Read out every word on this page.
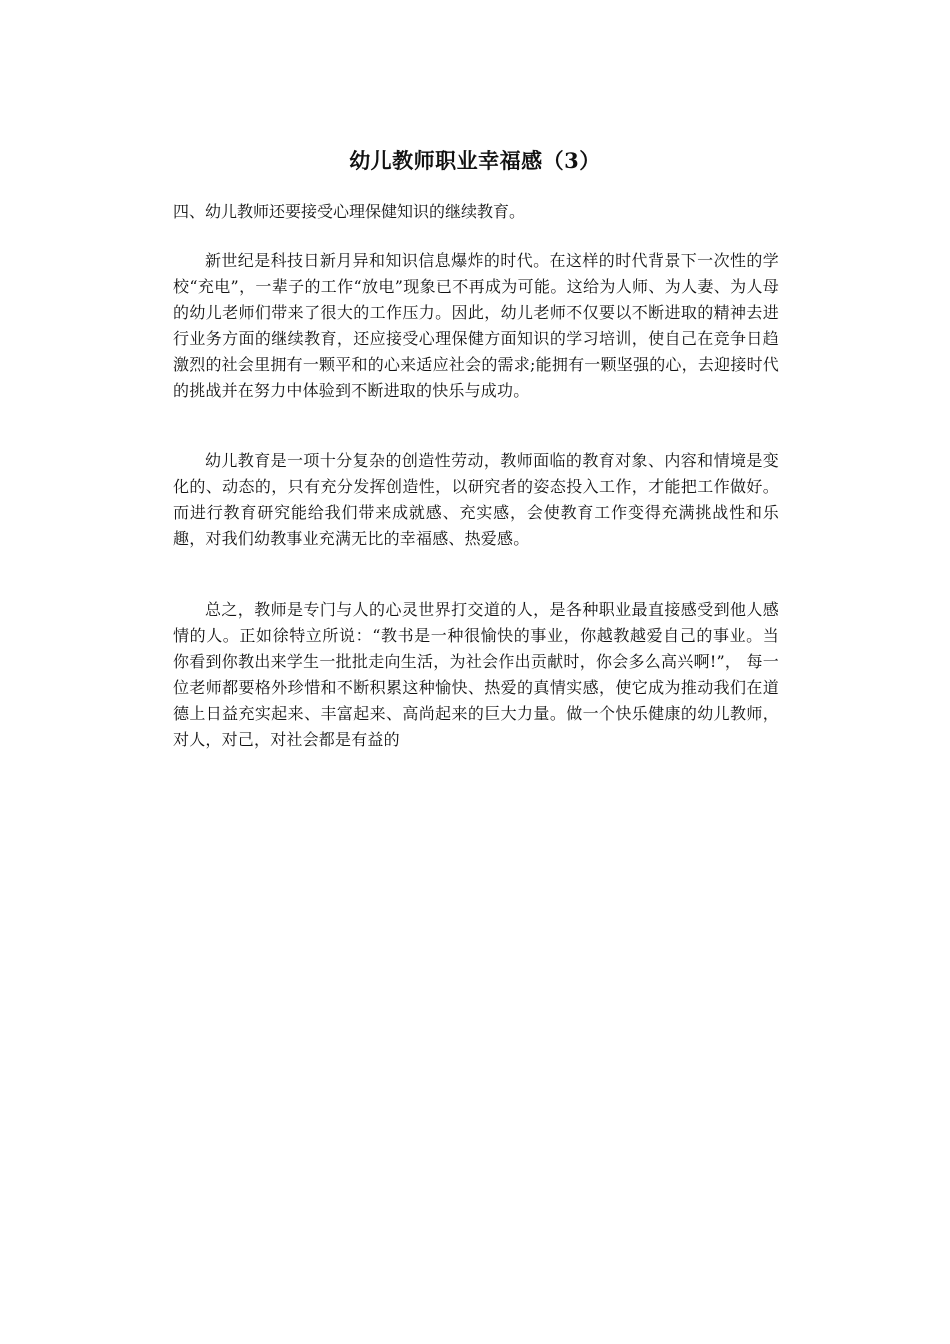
幼儿教师职业幸福感（3）

四、幼儿教师还要接受心理保健知识的继续教育。

新世纪是科技日新月异和知识信息爆炸的时代。在这样的时代背景下一次性的学校“充电”，一辈子的工作“放电”现象已不再成为可能。这给为人师、为人妻、为人母的幼儿老师们带来了很大的工作压力。因此，幼儿老师不仅要以不断进取的精神去进行业务方面的继续教育，还应接受心理保健方面知识的学习培训，使自己在竞争日趋激烈的社会里拥有一颗平和的心来适应社会的需求;能拥有一颗坚强的心，去迎接时代的挑战并在努力中体验到不断进取的快乐与成功。

幼儿教育是一项十分复杂的创造性劳动，教师面临的教育对象、内容和情境是变化的、动态的，只有充分发挥创造性，以研究者的姿态投入工作，才能把工作做好。而进行教育研究能给我们带来成就感、充实感，会使教育工作变得充满挑战性和乐趣，对我们幼教事业充满无比的幸福感、热爱感。

总之，教师是专门与人的心灵世界打交道的人，是各种职业最直接感受到他人感情的人。正如徐特立所说：“教书是一种很愉快的事业，你越教越爱自己的事业。当你看到你教出来学生一批批走向生活，为社会作出贡献时，你会多么高兴啊!”， 每一位老师都要格外珍惜和不断积累这种愉快、热爱的真情实感，使它成为推动我们在道德上日益充实起来、丰富起来、高尚起来的巨大力量。做一个快乐健康的幼儿教师，对人，对己，对社会都是有益的
